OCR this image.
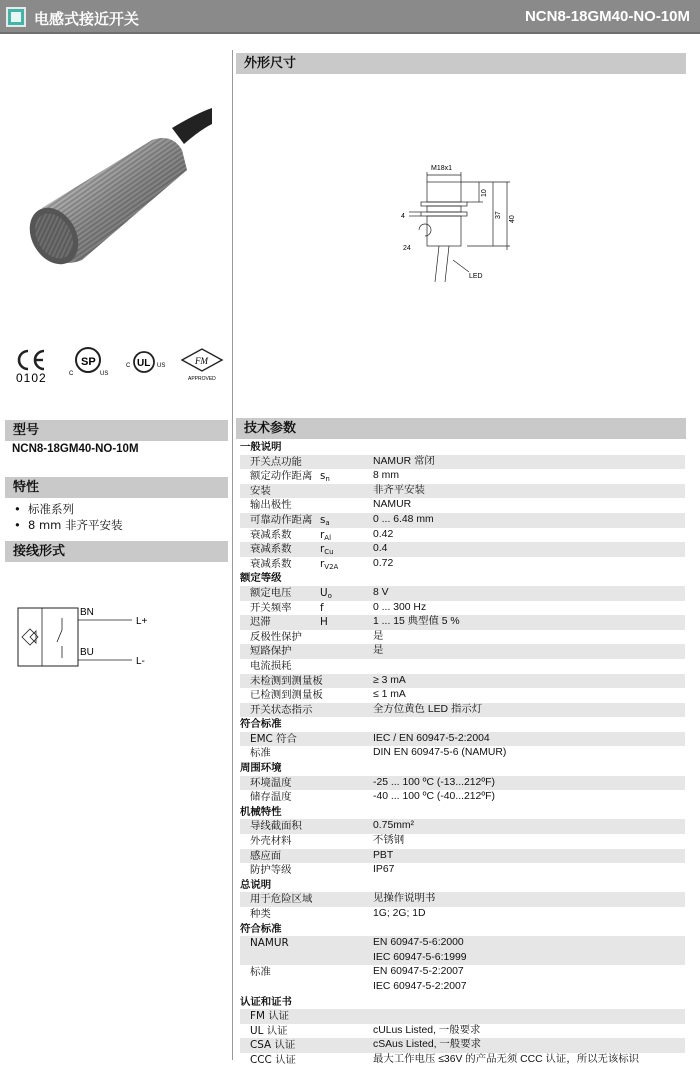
电感式接近开关	NCN8-18GM40-NO-10M
0102
SP
C	US
UL
C	US	FM
APPROVED
型号
NCN8-18GM40-NO-10M
特性
• 标准系列
• 8 mm 非齐平安装
接线形式
BN
BU
L+
L-
外形尺寸
M18x1
10
37
40
4
24
LED
技术参数
一般说明
开关点功能	NAMUR 常闭
额定动作距离 $s_n$	8 mm
安装	非齐平安装
输出极性	NAMUR
可靠动作距离 $s_a$	0 ... 6.48 mm
衰减系数	$r_{Al}$	0.42
衰减系数	$r_{Cu}$	0.4
衰减系数	$r_{V2A}$	0.72
额定等级
额定电压	$U_o$	8 V
开关频率	f	0 ... 300 Hz
迟滞	H	1 ... 15 典型值 5 %
反极性保护	是
短路保护	是
电流损耗
未检测到测量板	≥ 3 mA
已检测到测量板	≤ 1 mA
开关状态指示	全方位黄色 LED 指示灯
符合标准
EMC 符合	IEC / EN 60947-5-2:2004
标准	DIN EN 60947-5-6 (NAMUR)
周围环境
环境温度	-25 ... 100 ºC (-13...212ºF)
储存温度	-40 ... 100 ºC (-40...212ºF)
机械特性
导线截面积	0.75mm²
外壳材料	不锈钢
感应面	PBT
防护等级	IP67
总说明
用于危险区域	见操作说明书
种类	1G; 2G; 1D
符合标准
NAMUR	EN 60947-5-6:2000
IEC 60947-5-6:1999
标准	EN 60947-5-2:2007
IEC 60947-5-2:2007
认证和证书
FM 认证
UL 认证	cULus Listed, 一般要求
CSA 认证	cSAus Listed, 一般要求
CCC 认证	最大工作电压 ≤36V 的产品无须 CCC 认证，所以无该标识
